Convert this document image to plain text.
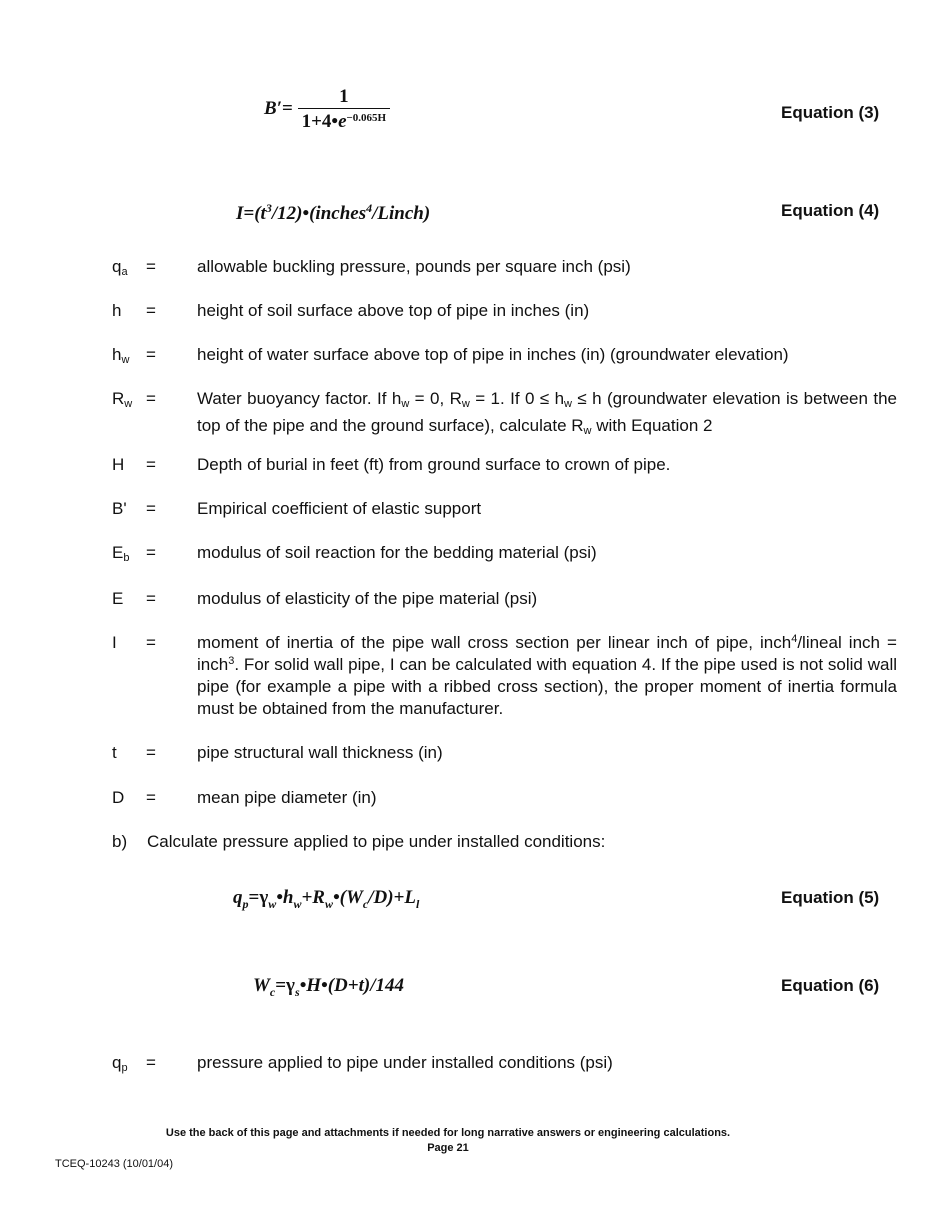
$B'= \frac{1}{1+4•e^{-0.065H}}$	Equation (3)
$I=(t^3/12)•(inches^4/Linch)$	Equation (4)
$q_a$ = allowable buckling pressure, pounds per square inch (psi)
h = height of soil surface above top of pipe in inches (in)
$h_w$ = height of water surface above top of pipe in inches (in) (groundwater elevation)
$R_w$ = Water buoyancy factor. If $h_w = 0$, $R_w = 1$. If $0 \le h_w \le h$ (groundwater elevation is between the top of the pipe and the ground surface), calculate $R_w$ with Equation 2
H = Depth of burial in feet (ft) from ground surface to crown of pipe.
B' = Empirical coefficient of elastic support
$E_b$ = modulus of soil reaction for the bedding material (psi)
E = modulus of elasticity of the pipe material (psi)
I = moment of inertia of the pipe wall cross section per linear inch of pipe, inch$^4$/lineal inch = inch$^3$. For solid wall pipe, I can be calculated with equation 4. If the pipe used is not solid wall pipe (for example a pipe with a ribbed cross section), the proper moment of inertia formula must be obtained from the manufacturer.
t = pipe structural wall thickness (in)
D = mean pipe diameter (in)
b) Calculate pressure applied to pipe under installed conditions:
$q_p=\gamma_w•h_w+R_w•(W_c/D)+L_l$	Equation (5)
$W_c=\gamma_s•H•(D+t)/144$	Equation (6)
$q_p$ = pressure applied to pipe under installed conditions (psi)
Use the back of this page and attachments if needed for long narrative answers or engineering calculations.
Page 21
TCEQ-10243 (10/01/04)
